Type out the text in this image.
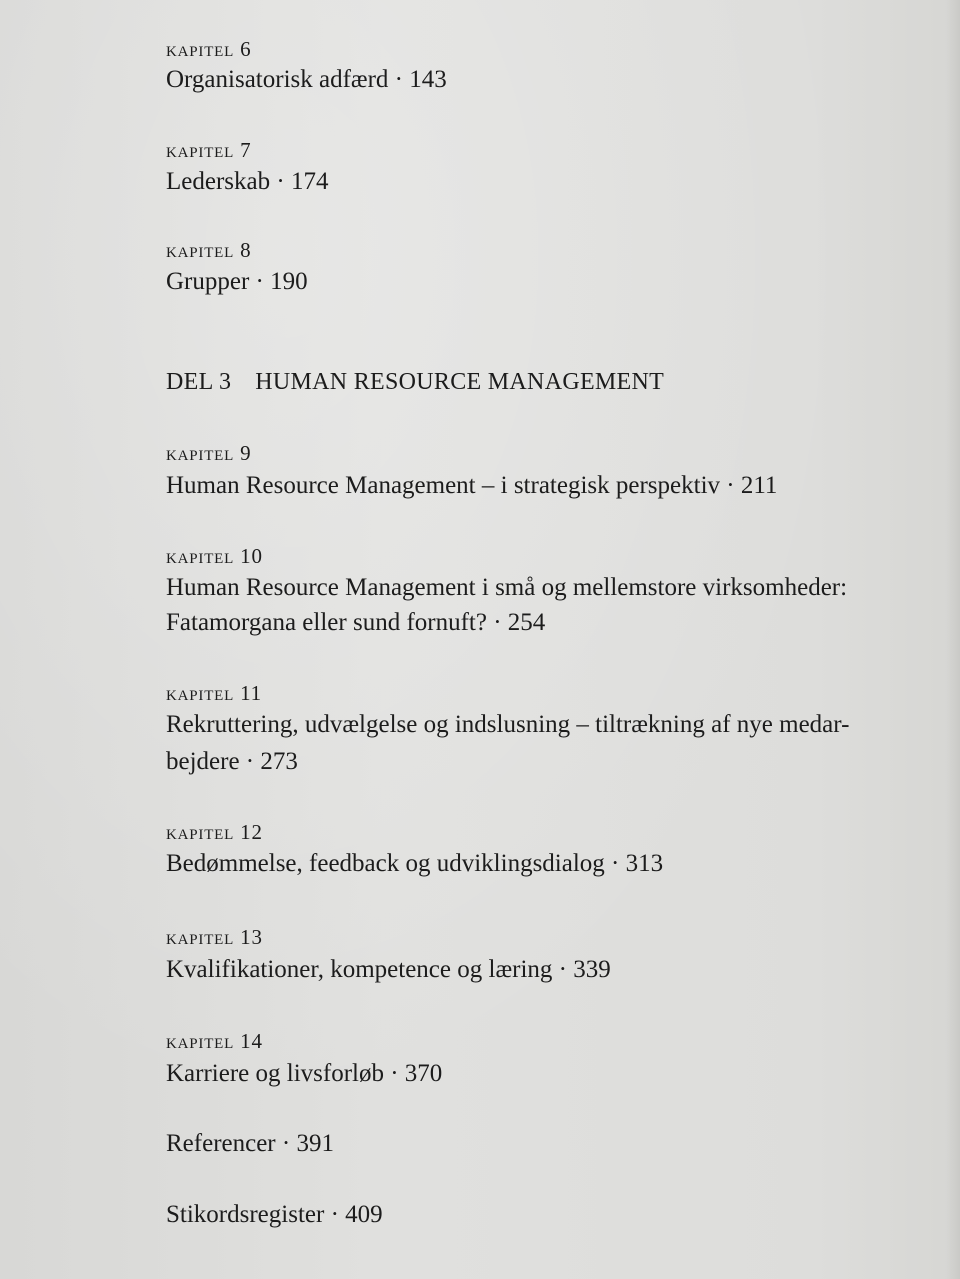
kapitel 6
Organisatorisk adfærd · 143
kapitel 7
Lederskab · 174
kapitel 8
Grupper · 190
DEL 3 HUMAN RESOURCE MANAGEMENT
kapitel 9
Human Resource Management – i strategisk perspektiv · 211
kapitel 10
Human Resource Management i små og mellemstore virksomheder:
Fatamorgana eller sund fornuft? · 254
kapitel 11
Rekruttering, udvælgelse og indslusning – tiltrækning af nye medar-
bejdere · 273
kapitel 12
Bedømmelse, feedback og udviklingsdialog · 313
kapitel 13
Kvalifikationer, kompetence og læring · 339
kapitel 14
Karriere og livsforløb · 370
Referencer · 391
Stikordsregister · 409
